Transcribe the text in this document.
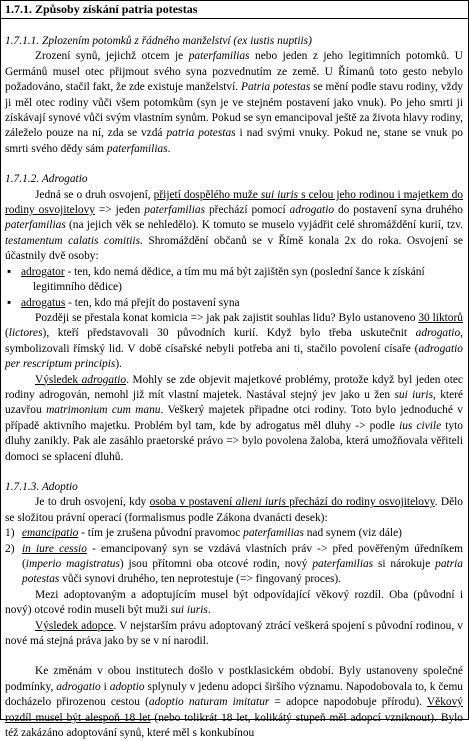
1.7.1. Způsoby získání patria potestas
1.7.1.1. Zplozením potomků z řádného manželství (ex iustis nuptiis)

Zrození synů, jejichž otcem je paterfamilias nebo jeden z jeho legitimních potomků. U Germánů musel otec přijmout svého syna pozvednutím ze země. U Římanů toto gesto nebylo požadováno, stačil fakt, že zde existuje manželství. Patria potestas se mění podle stavu rodiny, vždy ji měl otec rodiny vůči všem potomkům (syn je ve stejném postavení jako vnuk). Po jeho smrti ji získávají synové vůči svým vlastním synům. Pokud se syn emancipoval ještě za života hlavy rodiny, záleželo pouze na ní, zda se vzdá patria potestas i nad svými vnuky. Pokud ne, stane se vnuk po smrti svého dědy sám paterfamilias.

1.7.1.2. Adrogatio

Jedná se o druh osvojení, přijetí dospělého muže sui iuris s celou jeho rodinou i majetkem do rodiny osvojitelovy => jeden paterfamilias přechází pomocí adrogatio do postavení syna druhého paterfamilias (na jejich věk se nehledělo). K tomuto se muselo vyjádřit celé shromáždění kurií, tzv. testamentum calatis comitiis. Shromáždění občanů se v Římě konala 2x do roka. Osvojení se účastnily dvě osoby:

▪ adrogator - ten, kdo nemá dědice, a tím mu má být zajištěn syn (poslední šance k získání
legitimního dědice)
▪ adrogatus - ten, kdo má přejít do postavení syna

Později se přestala konat komicia => jak pak zajistit souhlas lidu? Bylo ustanoveno 30 liktorů (lictores), kteří představovali 30 původních kurií. Když bylo třeba uskutečnit adrogatio, symbolizovali římský lid. V době císařské nebyli potřeba ani ti, stačilo povolení císaře (adrogatio per rescriptum principis).

Výsledek adrogatio. Mohly se zde objevit majetkové problémy, protože když byl jeden otec rodiny adrogován, nemohl již mít vlastní majetek. Nastával stejný jev jako u žen sui iuris, které uzavřou matrimonium cum manu. Veškerý majetek připadne otci rodiny. Toto bylo jednoduché v případě aktivního majetku. Problém byl tam, kde by adrogatus měl dluhy -> podle ius civile tyto dluhy zanikly. Pak ale zasáhlo praetorské právo => bylo povolena žaloba, která umožňovala věřiteli domoci se splacení dluhů.

1.7.1.3. Adoptio

Je to druh osvojení, kdy osoba v postavení alieni iuris přechází do rodiny osvojitelovy. Dělo se složitou právní operací (formalismus podle Zákona dvanácti desek):

1) emancipatio - tím je zrušena původní pravomoc paterfamilias nad synem (viz dále)
2) in iure cessio - emancipovaný syn se vzdává vlastních práv -> před pověřeným úředníkem (imperio magistratus) jsou přítomni oba otcové rodin, nový paterfamilias si nárokuje patria potestas vůči synovi druhého, ten neprotestuje (=> fingovaný proces).

Mezi adoptovaným a adoptujícím musel být odpovídající věkový rozdíl. Oba (původní i nový) otcové rodin museli být muži sui iuris.

Výsledek adopce. V nejstarším právu adoptovaný ztrácí veškerá spojení s původní rodinou, v nové má stejná práva jako by se v ní narodil.

Ke změnám v obou institutech došlo v postklasickém období. Byly ustanoveny společné podmínky, adrogatio i adoptio splynuly v jedenu adopci širšího významu. Napodobovala to, k čemu docházelo přirozenou cestou (adoptio naturam imitatur = adopce napodobuje přírodu). Věkový rozdíl musel být alespoň 18 let (nebo tolikrát 18 let, kolikátý stupeň měl adopcí vzniknout). Bylo též zakázáno adoptování synů, které měl s konkubínou
